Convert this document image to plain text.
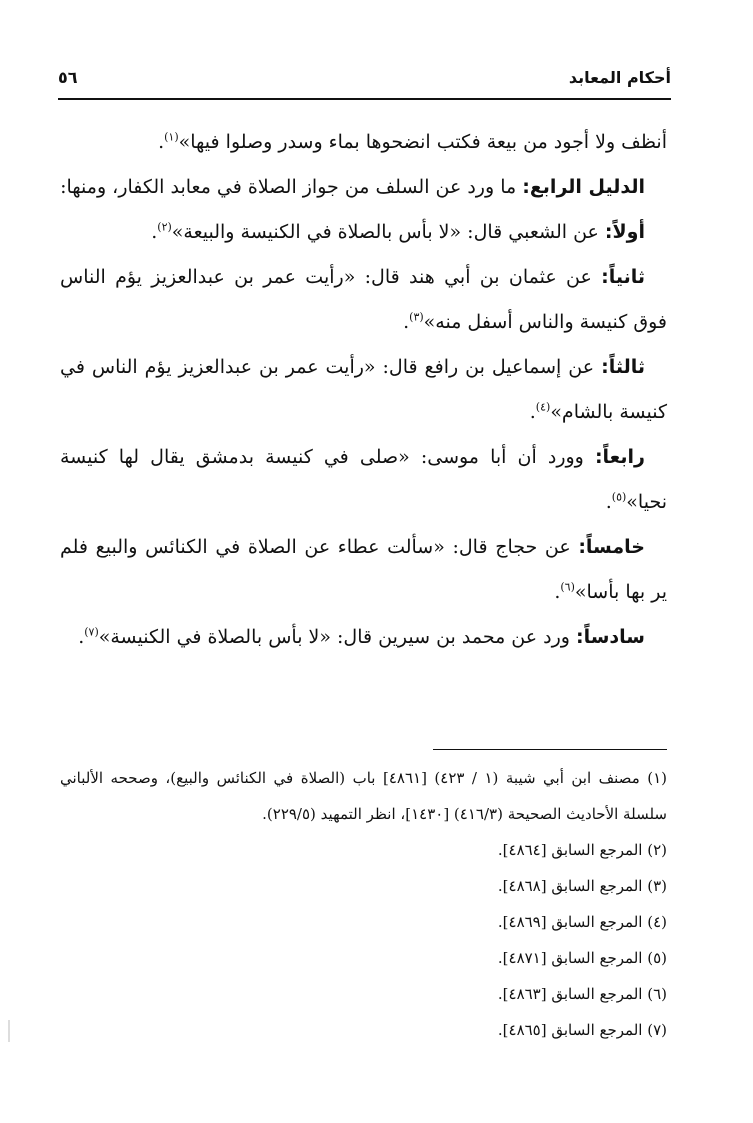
أحكام المعابد
٥٦

أنظف ولا أجود من بيعة فكتب انضحوها بماء وسدر وصلوا فيها»$^{(١)}$.

الدليل الرابع: ما ورد عن السلف من جواز الصلاة في معابد الكفار، ومنها:

أولاً: عن الشعبي قال: «لا بأس بالصلاة في الكنيسة والبيعة»$^{(٢)}$.

ثانياً: عن عثمان بن أبي هند قال: «رأيت عمر بن عبدالعزيز يؤم الناس فوق كنيسة والناس أسفل منه»$^{(٣)}$.

ثالثاً: عن إسماعيل بن رافع قال: «رأيت عمر بن عبدالعزيز يؤم الناس في كنيسة بالشام»$^{(٤)}$.

رابعاً: وورد أن أبا موسى: «صلى في كنيسة بدمشق يقال لها كنيسة نحيا»$^{(٥)}$.

خامساً: عن حجاج قال: «سألت عطاء عن الصلاة في الكنائس والبيع فلم ير بها بأسا»$^{(٦)}$.

سادساً: ورد عن محمد بن سيرين قال: «لا بأس بالصلاة في الكنيسة»$^{(٧)}$.

(١) مصنف ابن أبي شيبة (١ / ٤٢٣) [٤٨٦١] باب (الصلاة في الكنائس والبيع)، وصححه الألباني سلسلة الأحاديث الصحيحة (٤١٦/٣) [١٤٣٠]، انظر التمهيد (٢٢٩/٥).

(٢) المرجع السابق [٤٨٦٤].

(٣) المرجع السابق [٤٨٦٨].

(٤) المرجع السابق [٤٨٦٩].

(٥) المرجع السابق [٤٨٧١].

(٦) المرجع السابق [٤٨٦٣].

(٧) المرجع السابق [٤٨٦٥].
